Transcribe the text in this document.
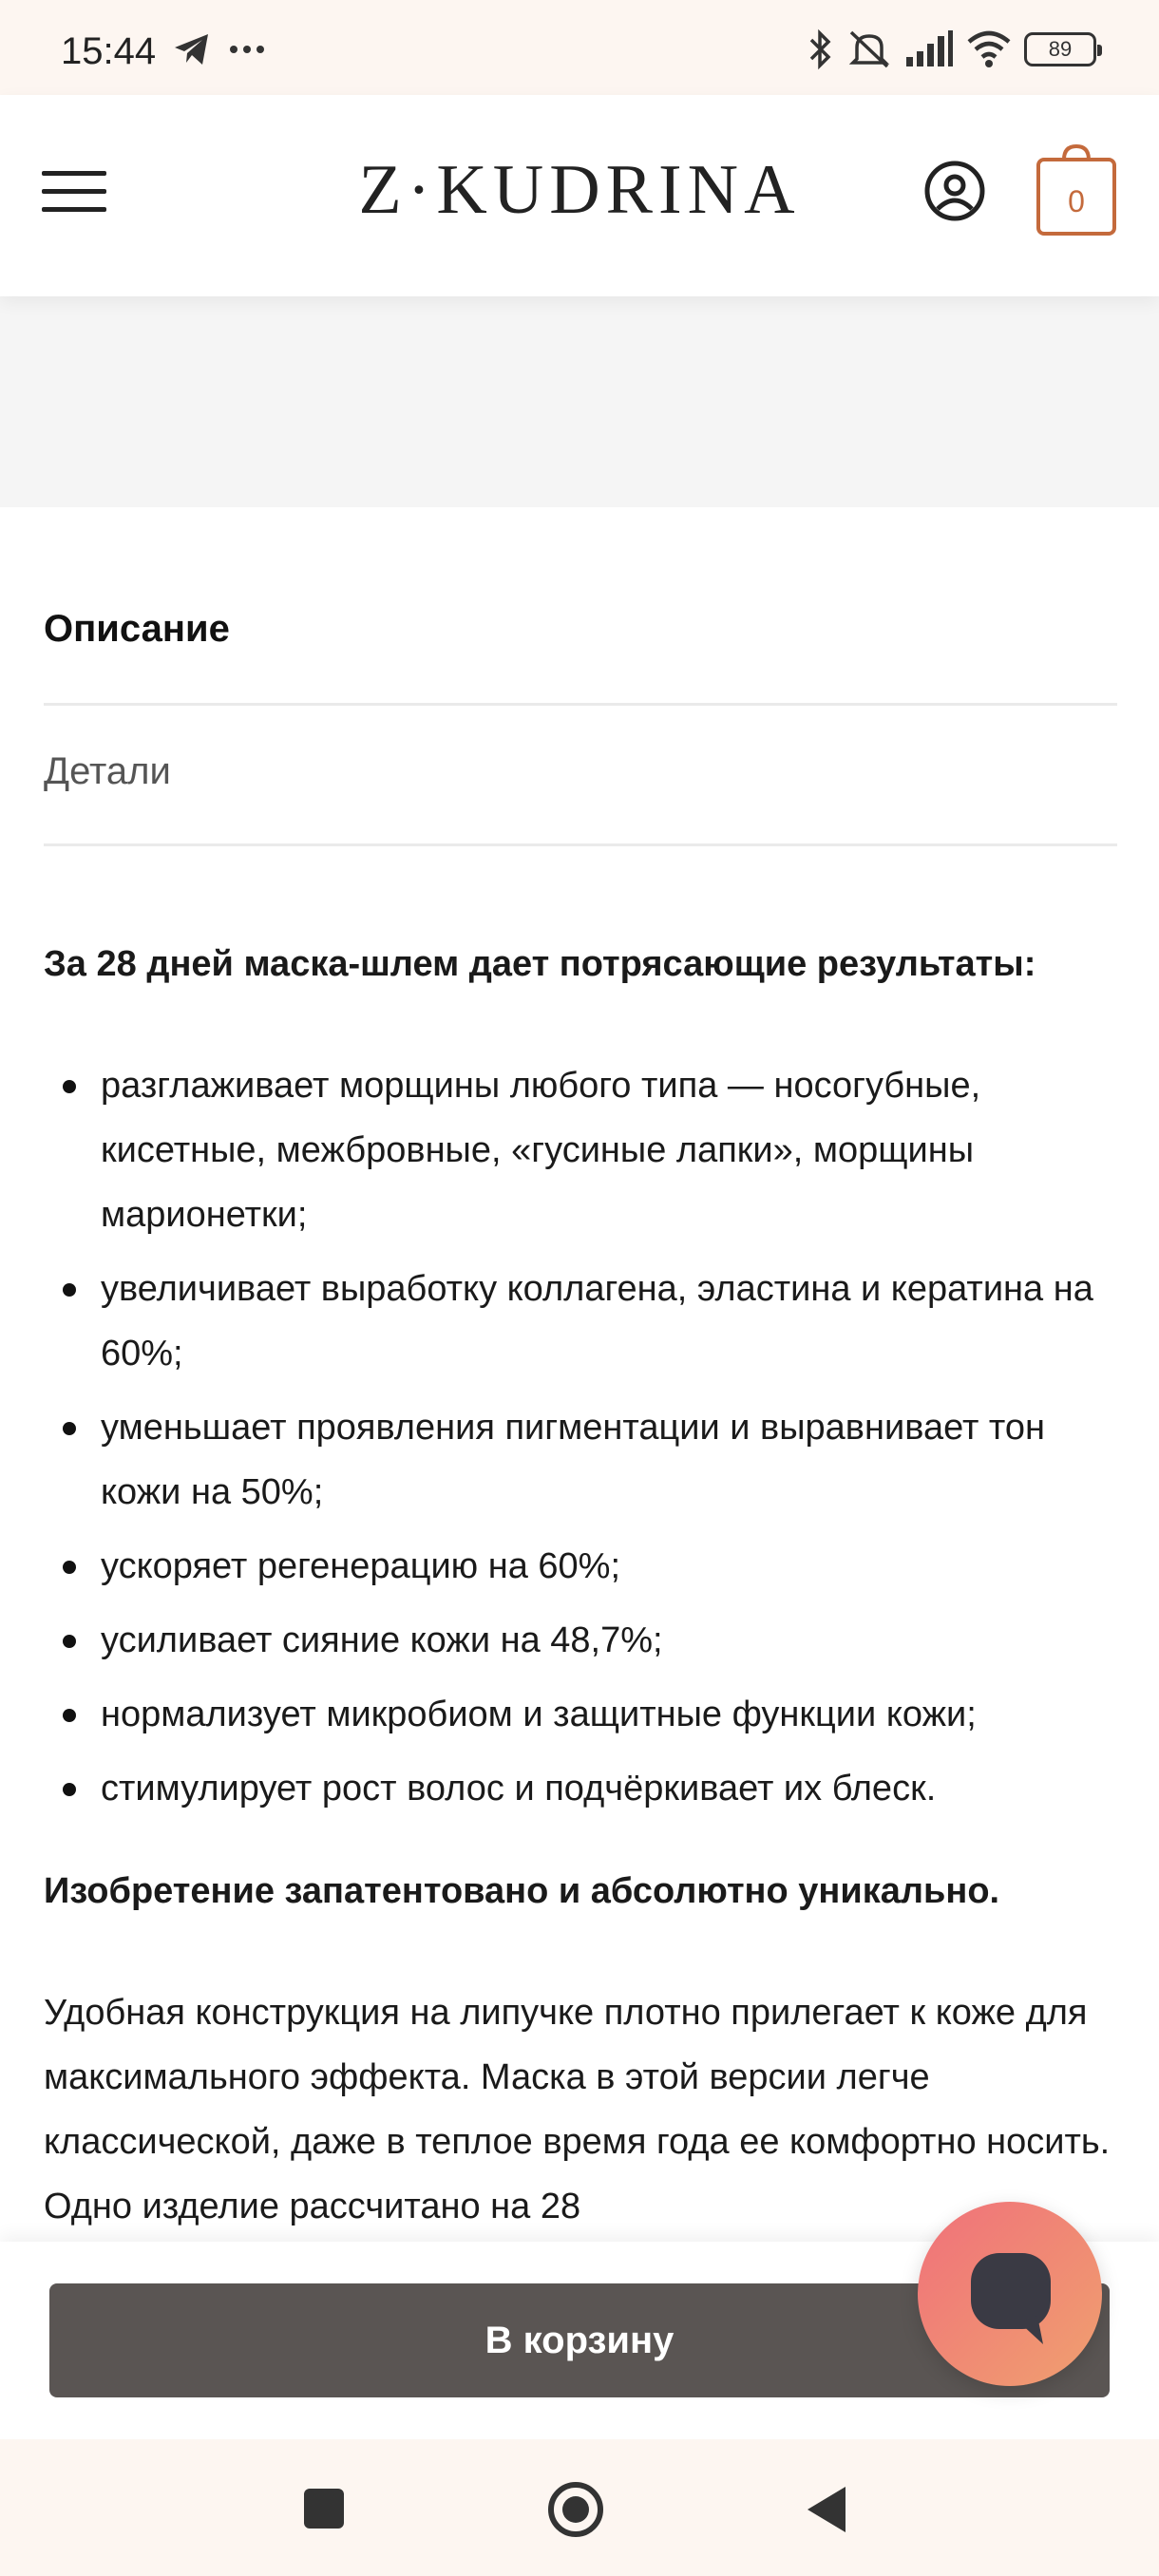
15:44	89
Z·KUDRINA	0
Описание
Детали
За 28 дней маска-шлем дает потрясающие результаты:
разглаживает морщины любого типа — носогубные, кисетные, межбровные, «гусиные лапки», морщины марионетки;
увеличивает выработку коллагена, эластина и кератина на 60%;
уменьшает проявления пигментации и выравнивает тон кожи на 50%;
ускоряет регенерацию на 60%;
усиливает сияние кожи на 48,7%;
нормализует микробиом и защитные функции кожи;
стимулирует рост волос и подчёркивает их блеск.
Изобретение запатентовано и абсолютно уникально.
Удобная конструкция на липучке плотно прилегает к коже для максимального эффекта. Маска в этой версии легче классической, даже в теплое время года ее комфортно носить. Одно изделие рассчитано на 28
В корзину
